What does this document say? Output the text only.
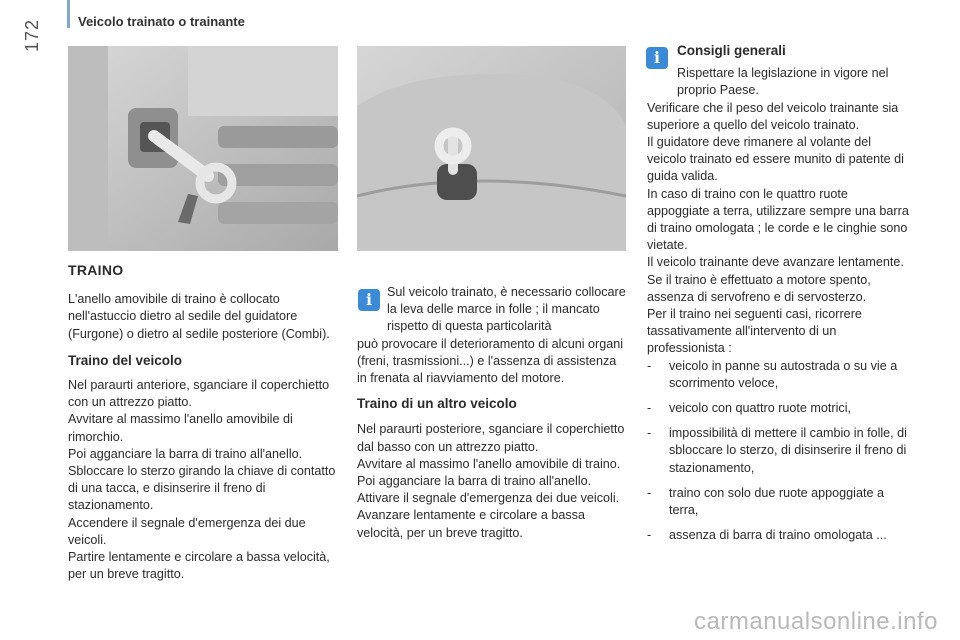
Veicolo trainato o trainante
172
TRAINO

L'anello amovibile di traino è collocato nell'astuccio dietro al sedile del guidatore (Furgone) o dietro al sedile posteriore (Combi).

Traino del veicolo

Nel paraurti anteriore, sganciare il coperchietto con un attrezzo piatto.

Avvitare al massimo l'anello amovibile di rimorchio.

Poi agganciare la barra di traino all'anello.

Sbloccare lo sterzo girando la chiave di contatto di una tacca, e disinserire il freno di stazionamento.

Accendere il segnale d'emergenza dei due veicoli.

Partire lentamente e circolare a bassa velocità, per un breve tragitto.

i	Sul veicolo trainato, è necessario collocare la leva delle marce in folle ; il mancato rispetto di questa particolarità

può provocare il deterioramento di alcuni organi (freni, trasmissioni...) e l'assenza di assistenza in frenata al riavviamento del motore.

Traino di un altro veicolo

Nel paraurti posteriore, sganciare il coperchietto dal basso con un attrezzo piatto.

Avvitare al massimo l'anello amovibile di traino.

Poi agganciare la barra di traino all'anello.

Attivare il segnale d'emergenza dei due veicoli.

Avanzare lentamente e circolare a bassa velocità, per un breve tragitto.

i	Consigli generali

Rispettare la legislazione in vigore nel proprio Paese.

Verificare che il peso del veicolo trainante sia superiore a quello del veicolo trainato.

Il guidatore deve rimanere al volante del veicolo trainato ed essere munito di patente di guida valida.

In caso di traino con le quattro ruote appoggiate a terra, utilizzare sempre una barra di traino omologata ; le corde e le cinghie sono vietate.

Il veicolo trainante deve avanzare lentamente.

Se il traino è effettuato a motore spento, assenza di servofreno e di servosterzo.

Per il traino nei seguenti casi, ricorrere tassativamente all'intervento di un professionista :

- veicolo in panne su autostrada o su vie a scorrimento veloce,
- veicolo con quattro ruote motrici,
- impossibilità di mettere il cambio in folle, di sbloccare lo sterzo, di disinserire il freno di stazionamento,
- traino con solo due ruote appoggiate a terra,
- assenza di barra di traino omologata ...
carmanualsonline.info
